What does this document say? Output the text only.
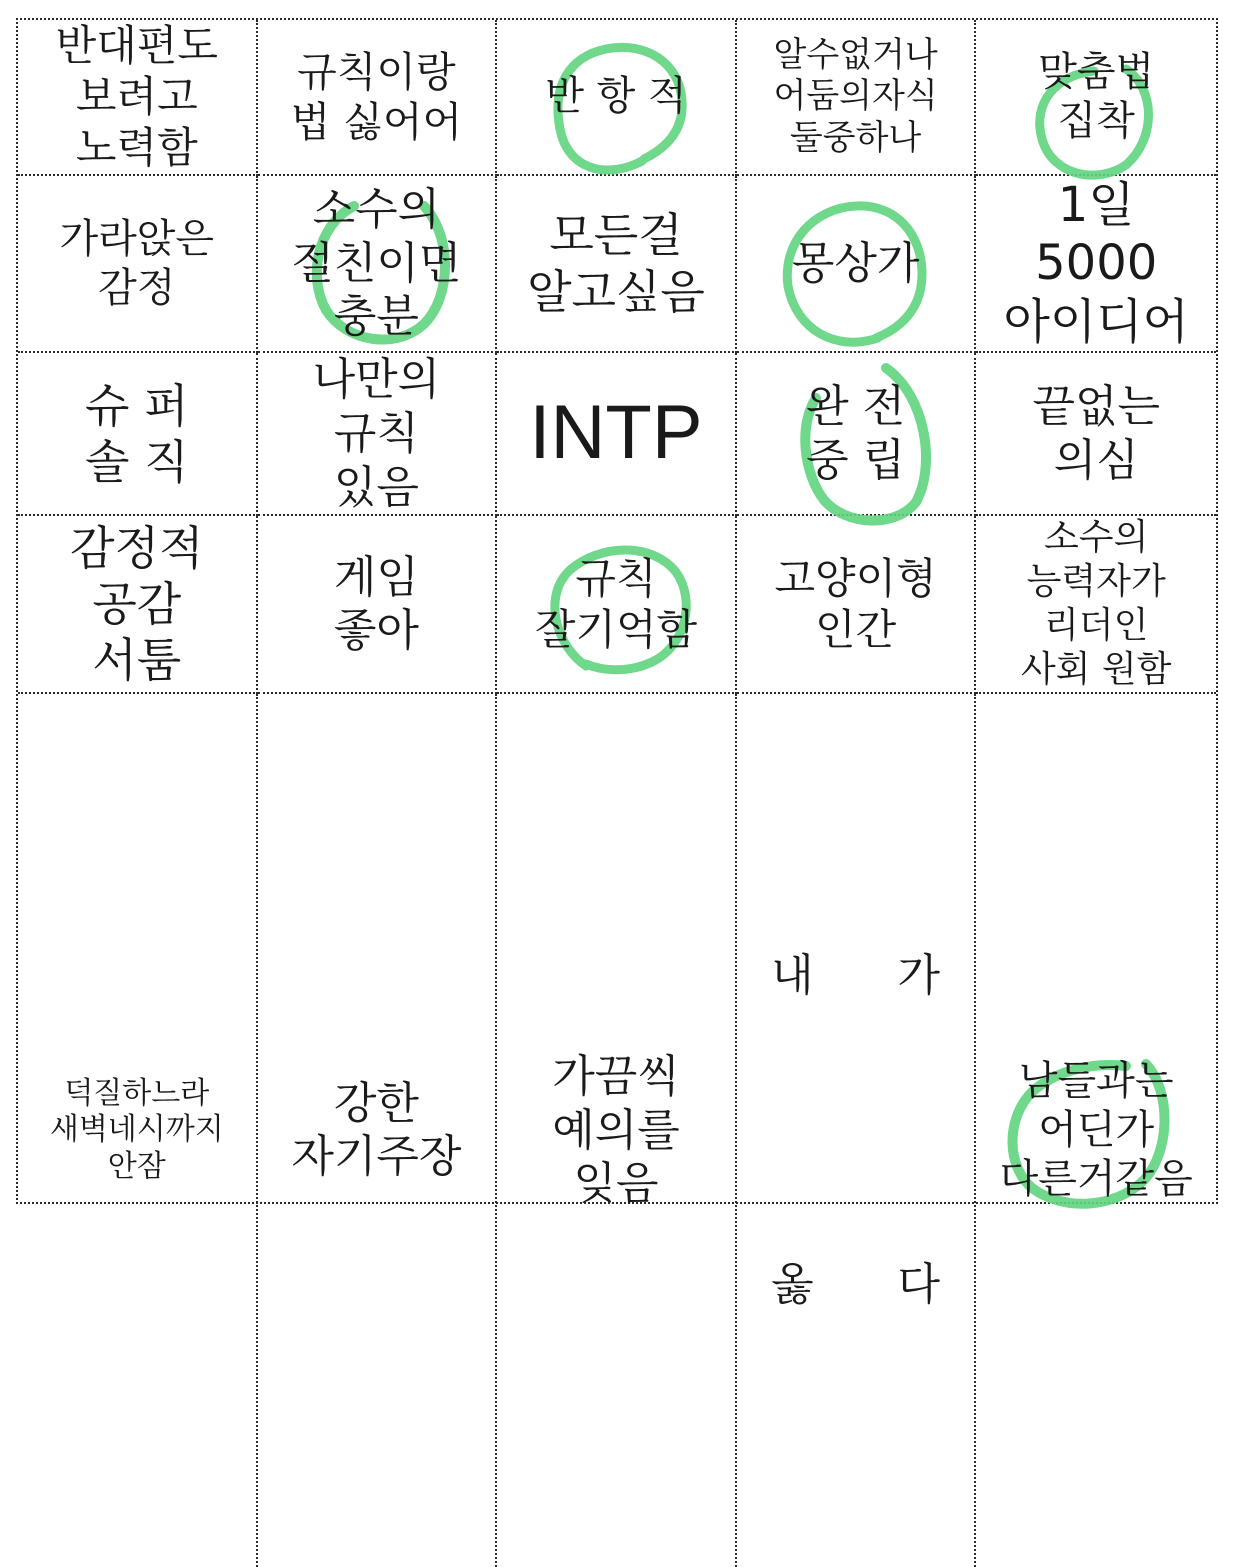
반대편도
보려고
노력함
규칙이랑
법 싫어어
반 항 적
알수없거나
어둠의자식
둘중하나
맞춤법
집착
가라앉은
감정
소수의
절친이면
충분
모든걸
알고싶음
몽상가
1일
5000
아이디어
슈 퍼
솔 직
나만의
규칙
있음
INTP 완 전
중 립
끝없는
의심
감정적
공감
서툼
게임
좋아
규칙
잘기억함
고양이형
인간
소수의
능력자가
리더인
사회 원함
덕질하느라
새벽네시까지
안잠
강한
자기주장
가끔씩
예의를
잊음

내      가

옳      다

남들과는
어딘가
다른거같음
